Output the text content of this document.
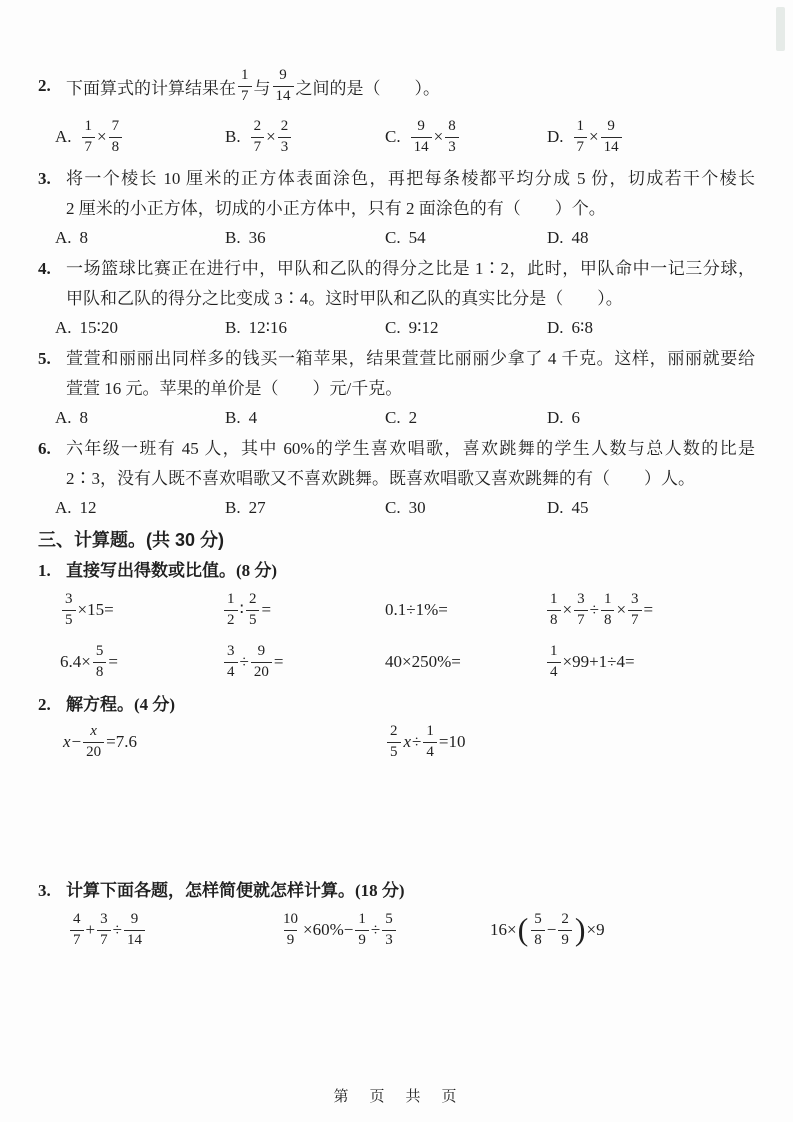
2. 下面算式的计算结果在 $\frac{1}{7}$ 与 $\frac{9}{14}$ 之间的是（　　）。
A. $\frac{1}{7} \times \frac{7}{8}$	B. $\frac{2}{7} \times \frac{2}{3}$	C. $\frac{9}{14} \times \frac{8}{3}$	D. $\frac{1}{7} \times \frac{9}{14}$
3. 将一个棱长 10 厘米的正方体表面涂色，再把每条棱都平均分成 5 份，切成若干个棱长
2 厘米的小正方体，切成的小正方体中，只有 2 面涂色的有（　　）个。
A. 8	B. 36	C. 54	D. 48
4. 一场篮球比赛正在进行中，甲队和乙队的得分之比是 1∶2，此时，甲队命中一记三分球，
甲队和乙队的得分之比变成 3∶4。这时甲队和乙队的真实比分是（　　）。
A. 15∶20	B. 12∶16	C. 9∶12	D. 6∶8
5. 萱萱和丽丽出同样多的钱买一箱苹果，结果萱萱比丽丽少拿了 4 千克。这样，丽丽就要给
萱萱 16 元。苹果的单价是（　　）元/千克。
A. 8	B. 4	C. 2	D. 6
6. 六年级一班有 45 人，其中 60%的学生喜欢唱歌，喜欢跳舞的学生人数与总人数的比是
2∶3，没有人既不喜欢唱歌又不喜欢跳舞。既喜欢唱歌又喜欢跳舞的有（　　）人。
A. 12	B. 27	C. 30	D. 45
三、计算题。(共 30 分)
1. 直接写出得数或比值。(8 分)
$\frac{3}{5} \times 15=$	$\frac{1}{2}$ ∶ $\frac{2}{5}$ =	0.1÷1%=	$\frac{1}{8} \times \frac{3}{7} \div \frac{1}{8} \times \frac{3}{7}$ =
$6.4\times \frac{5}{8}$ =	$\frac{3}{4} \div \frac{9}{20}$ =	40×250%=	$\frac{1}{4} \times 99+1\div 4=$
2. 解方程。(4 分)
$x - \frac{x}{20} =7.6$	$\frac{2}{5}$ $x \div \frac{1}{4} =10$
3. 计算下面各题，怎样简便就怎样计算。(18 分)
$\frac{4}{7} + \frac{3}{7} \div \frac{9}{14}$	$\frac{10}{9} \times 60\%- \frac{1}{9} \div \frac{5}{3}$	16× ( $\frac{5}{8} - \frac{2}{9}$ ) ×9
第　页　共　页
